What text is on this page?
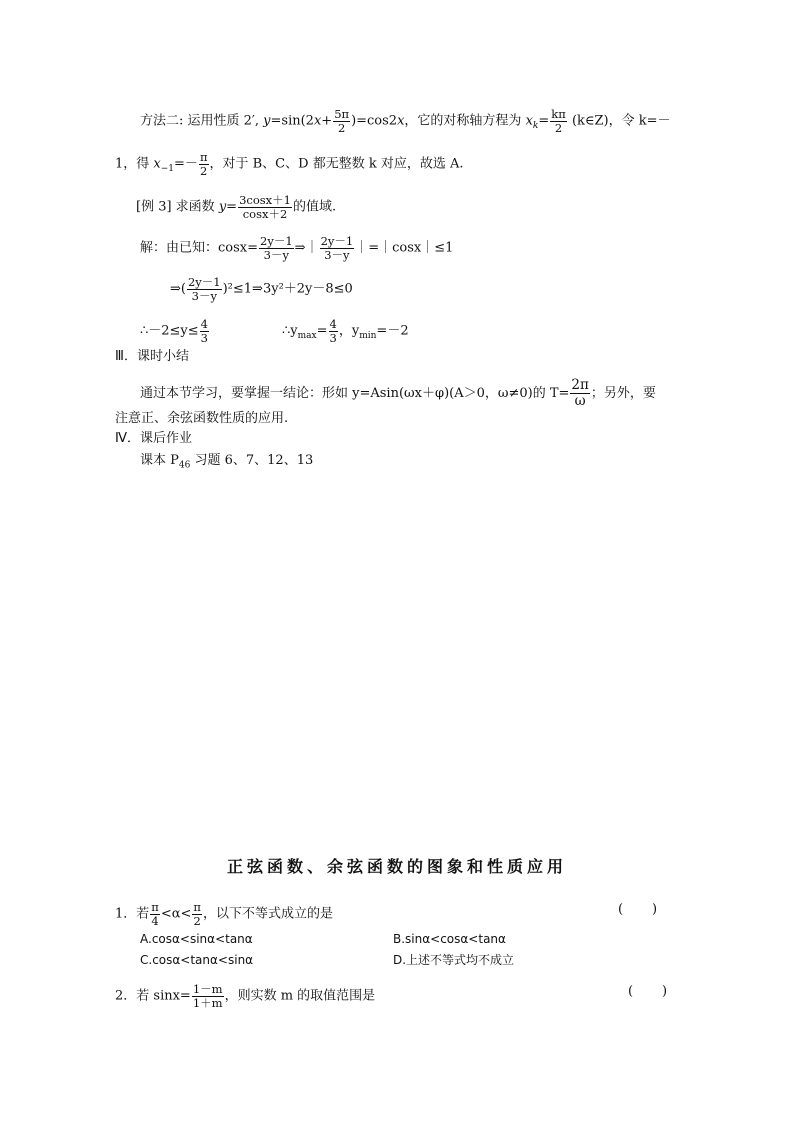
方法二: 运用性质 2′, $y=\sin(2x+ \frac{5\pi}{2} )=\cos 2x$，它的对称轴方程为 $x_k= \frac{k\pi}{2}$ (k∈Z)，令 k=－
1，得 $x_{-1}=- \frac{\pi}{2}$ ，对于 B、C、D 都无整数 k 对应，故选 A.
[例 3] 求函数 $y= \frac{3\cos x+1}{\cos x+2}$ 的值域.
解：由已知：$\cos x= \frac{2y-1}{3-y}$ ⇒｜ $\frac{2y-1}{3-y}$ ｜=｜cosx｜≤1
⇒( $\frac{2y-1}{3-y}$ )²≤1⇒3y²＋2y－8≤0
∴－2≤y≤ $\frac{4}{3}$	$\therefore y_{max}= \frac{4}{3}$ ，$y_{min}=-2$
Ⅲ．课时小结
通过本节学习，要掌握一结论：形如 y=Asin(ωx＋φ)(A＞0，ω≠0)的 $T= \frac{2\pi}{\omega}$ ；另外，要
注意正、余弦函数性质的应用.
Ⅳ．课后作业
课本 $P_{46}$ 习题 6、7、12、13
正弦函数、余弦函数的图象和性质应用
1．若 $\frac{\pi}{4} <\alpha< \frac{\pi}{2}$ ，以下不等式成立的是	(       )
A.cosα<sinα<tanα	B.sinα<cosα<tanα
C.cosα<tanα<sinα	D.上述不等式均不成立
2．若 $\sin x= \frac{1-m}{1+m}$ ，则实数 m 的取值范围是	(       )
